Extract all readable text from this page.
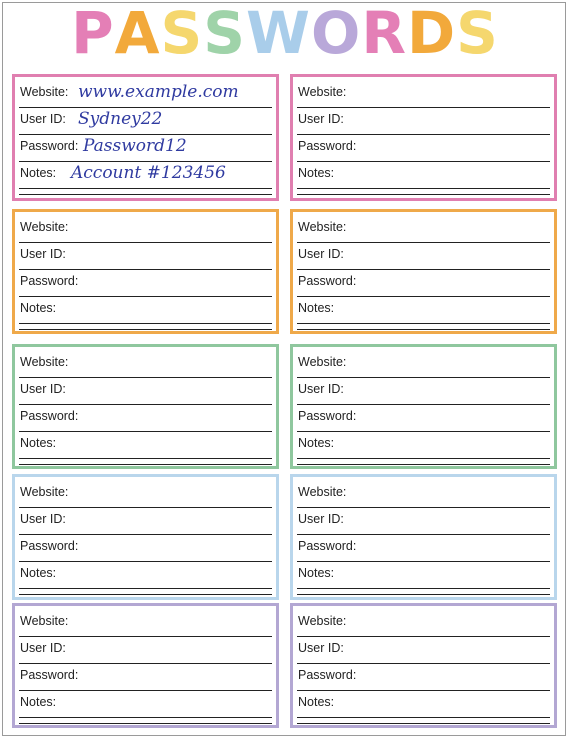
PASSWORDS
Website:
User ID:
Password:
Notes:
www.example.com
Sydney22
Password12
Account #123456
Website:
User ID:
Password:
Notes:
Website:
User ID:
Password:
Notes:
Website:
User ID:
Password:
Notes:
Website:
User ID:
Password:
Notes:
Website:
User ID:
Password:
Notes:
Website:
User ID:
Password:
Notes:
Website:
User ID:
Password:
Notes:
Website:
User ID:
Password:
Notes:
Website:
User ID:
Password:
Notes:
